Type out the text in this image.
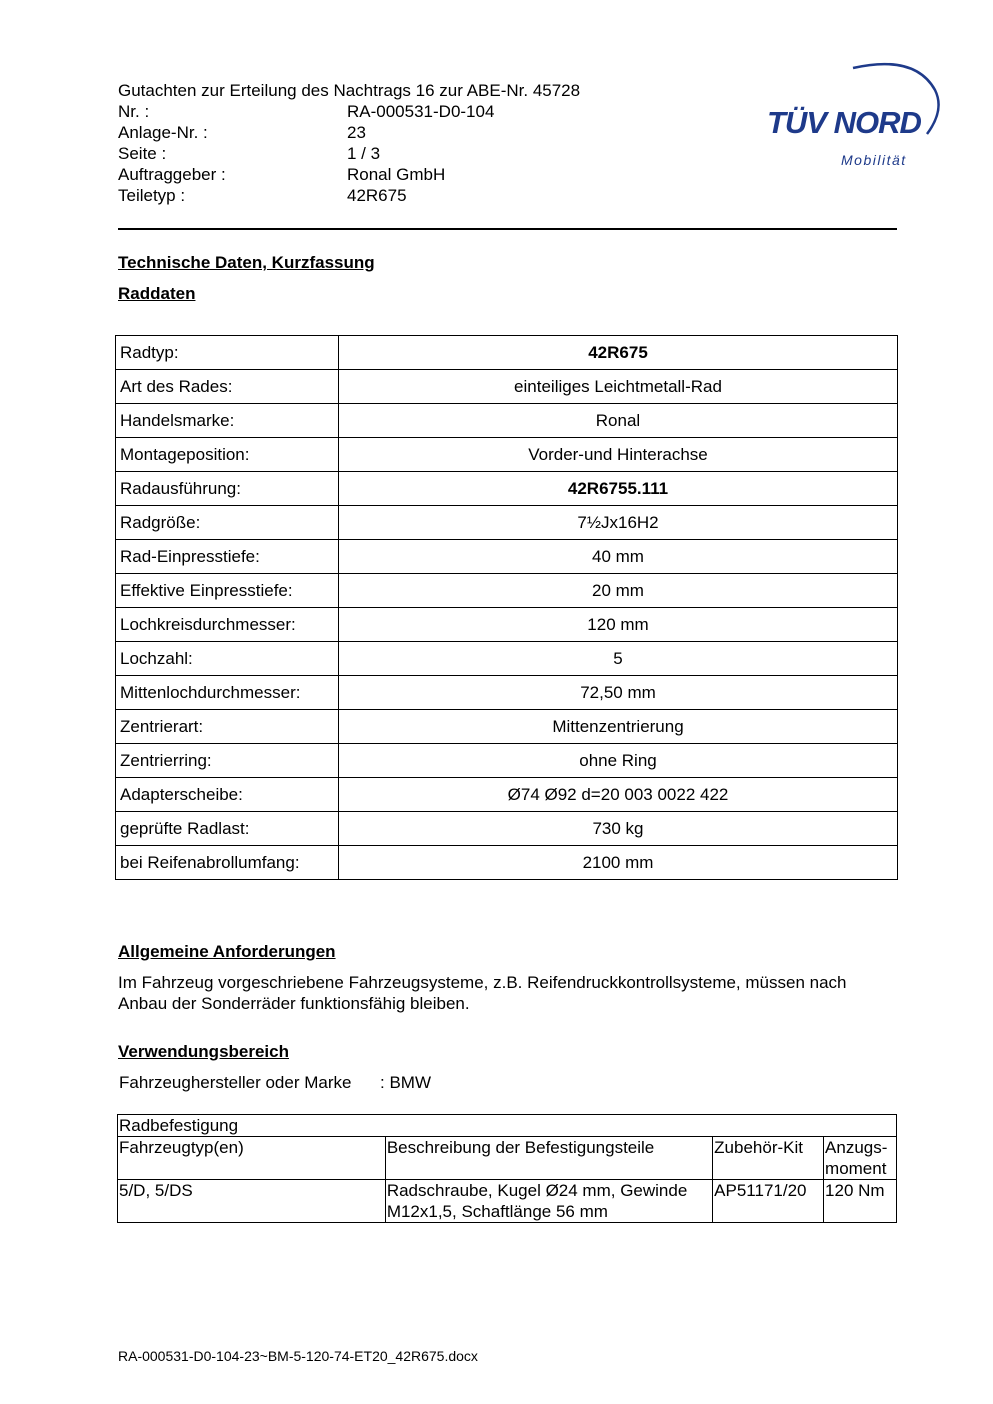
Gutachten zur Erteilung des Nachtrags 16 zur ABE-Nr. 45728
Nr. :	RA-000531-D0-104
Anlage-Nr. :	23
Seite :	1 / 3
Auftraggeber :	Ronal GmbH
Teiletyp :	42R675
TÜV NORD
Mobilität
Technische Daten, Kurzfassung
Raddaten
Radtyp:	42R675
Art des Rades:	einteiliges Leichtmetall-Rad
Handelsmarke:	Ronal
Montageposition:	Vorder-und Hinterachse
Radausführung:	42R6755.111
Radgröße:	7½Jx16H2
Rad-Einpresstiefe:	40 mm
Effektive Einpresstiefe:	20 mm
Lochkreisdurchmesser:	120 mm
Lochzahl:	5
Mittenlochdurchmesser:	72,50 mm
Zentrierart:	Mittenzentrierung
Zentrierring:	ohne Ring
Adapterscheibe:	Ø74 Ø92 d=20 003 0022 422
geprüfte Radlast:	730 kg
bei Reifenabrollumfang:	2100 mm
Allgemeine Anforderungen
Im Fahrzeug vorgeschriebene Fahrzeugsysteme, z.B. Reifendruckkontrollsysteme, müssen nach Anbau der Sonderräder funktionsfähig bleiben.
Verwendungsbereich
Fahrzeughersteller oder Marke : BMW
Radbefestigung			
Fahrzeugtyp(en)	Beschreibung der Befestigungsteile	Zubehör-Kit	Anzugs-moment
5/D, 5/DS	Radschraube, Kugel Ø24 mm, Gewinde M12x1,5, Schaftlänge 56 mm	AP51171/20	120 Nm
RA-000531-D0-104-23~BM-5-120-74-ET20_42R675.docx
